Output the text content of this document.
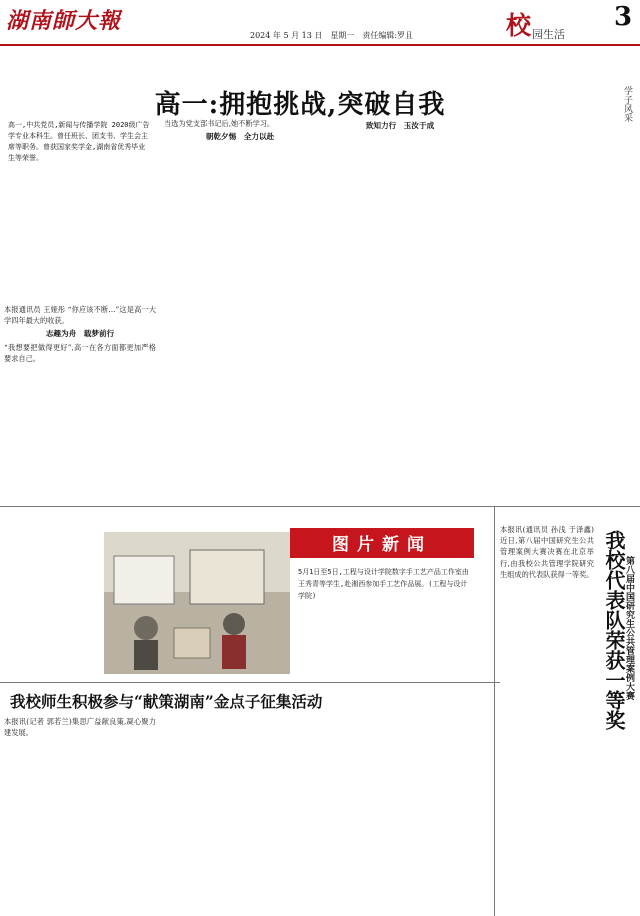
湖南師大報
2024 年 5 月 13 日　星期一　责任编辑:罗且	校 园生活
3
高一:拥抱挑战,突破自我	学子风采
高一,中共党员,新闻与传播学院 2020级广告学专业本科生。曾任班长、团支书、学生会主席等职务。曾获国家奖学金,湖南省优秀毕业生等荣誉。
本报通讯员 王娅彤 “你应该不断…”这是高一大学四年最大的收获。
志趣为舟　载梦前行
“我想要把做得更好”,高一在各方面都更加严格要求自己。
当选为党支部书记后,她不断学习。
朝乾夕惕　全力以赴
致知力行　玉汝于成
图片新闻
5月1日至5日,工程与设计学院数字手工艺产品工作室由王秀青等学生,赴湘西参加手工艺作品展。(工程与设计学院)
我校师生积极参与“献策湖南”金点子征集活动
本报讯(记者 郭若兰)集思广益献良策,凝心聚力建发展。
本报讯(通讯员 孙浅 于泽鑫)近日,第八届中国研究生公共管理案例大赛决赛在北京举行,由我校公共管理学院研究生组成的代表队获得一等奖。	第八届中国研究生公共管理案例大赛
我校代表队荣获一等奖
